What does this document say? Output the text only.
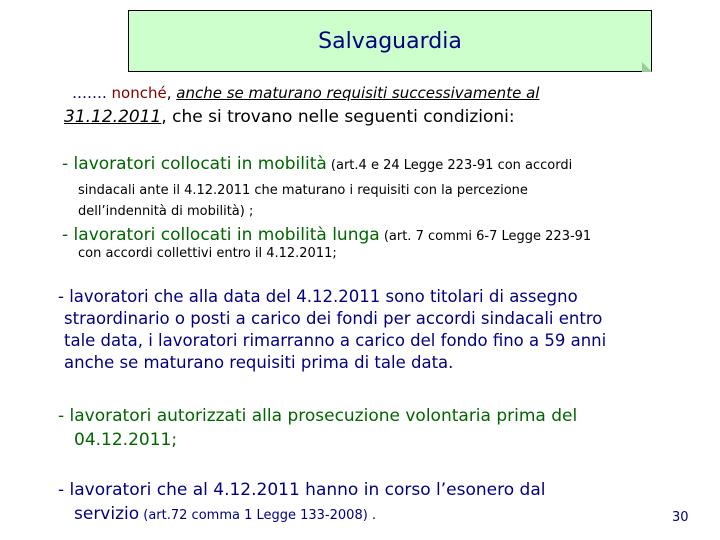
Salvaguardia
……. nonché, anche se maturano requisiti successivamente al
31.12.2011, che si trovano nelle seguenti condizioni:
- lavoratori collocati in mobilità (art.4 e 24 Legge 223-91 con accordi
sindacali ante il 4.12.2011 che maturano i requisiti con la percezione
dell’indennità di mobilità) ;
- lavoratori collocati in mobilità lunga (art. 7 commi 6-7 Legge 223-91
con accordi collettivi entro il 4.12.2011;
- lavoratori che alla data del 4.12.2011 sono titolari di assegno
straordinario o posti a carico dei fondi per accordi sindacali entro
tale data, i lavoratori rimarranno a carico del fondo fino a 59 anni
anche se maturano requisiti prima di tale data.
- lavoratori autorizzati alla prosecuzione volontaria prima del
04.12.2011;
- lavoratori che al 4.12.2011 hanno in corso l’esonero dal
servizio (art.72 comma 1 Legge 133-2008) .	30
